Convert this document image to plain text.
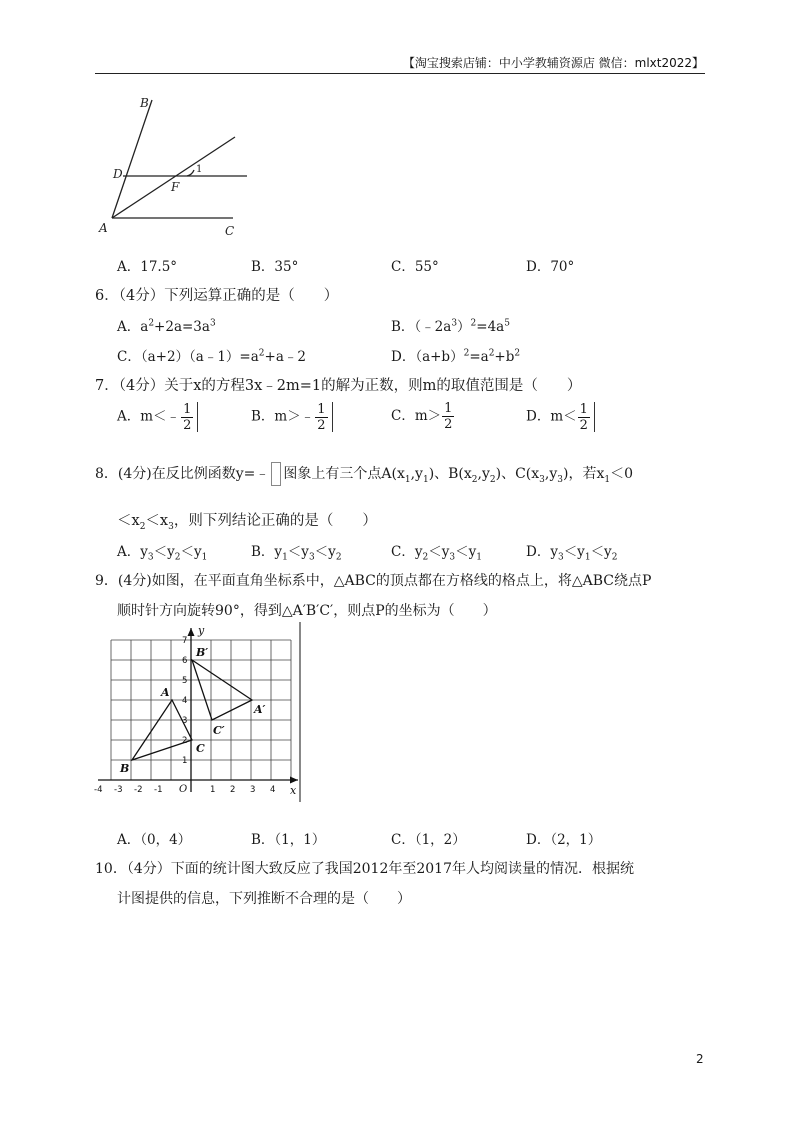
【淘宝搜索店铺：中小学教辅资源店 微信：mlxt2022】
B
D
F
1
A	C
A．17.5°	B．35°	C．55°	D．70°
6．（4分）下列运算正确的是（　　）
A．$a^2+2a=3a^3$	B．$(﹣2a^3)^2=4a^5$
C．$(a+2)(a﹣1)=a^2+a﹣2$	D．$(a+b)^2=a^2+b^2$
7．（4分）关于x的方程3x﹣2m=1的解为正数，则m的取值范围是（　　）
A．m＜﹣ $\frac{1}{2}$	B．m＞﹣ $\frac{1}{2}$	C．$m> \frac{1}{2}$	D．$m< \frac{1}{2}$
8．(4分)在反比例函数y=﹣ 图象上有三个点$A(x_1,y_1)$、$B(x_2,y_2)$、$C(x_3,y_3)$，若$x_1<0$
$<x_2<x_3$，则下列结论正确的是（　　）
A．$y_3<y_2<y_1$	B．$y_1<y_3<y_2$	C．$y_2<y_3<y_1$	D．$y_3<y_1<y_2$
9．(4分)如图，在平面直角坐标系中，△ABC的顶点都在方格线的格点上，将△ABC绕点P
顺时针方向旋转90°，得到△A′B′C′，则点P的坐标为（　　）
-4 -3 -2 -1 O	1 2 3 4
1
2
3
4
5
6
7
y
x
B
A
C
B′
A′
C′
A．（0，4）	B．（1，1）	C．（1，2）	D．（2，1）
10．（4分）下面的统计图大致反应了我国2012年至2017年人均阅读量的情况．根据统
计图提供的信息，下列推断不合理的是（　　）
2
